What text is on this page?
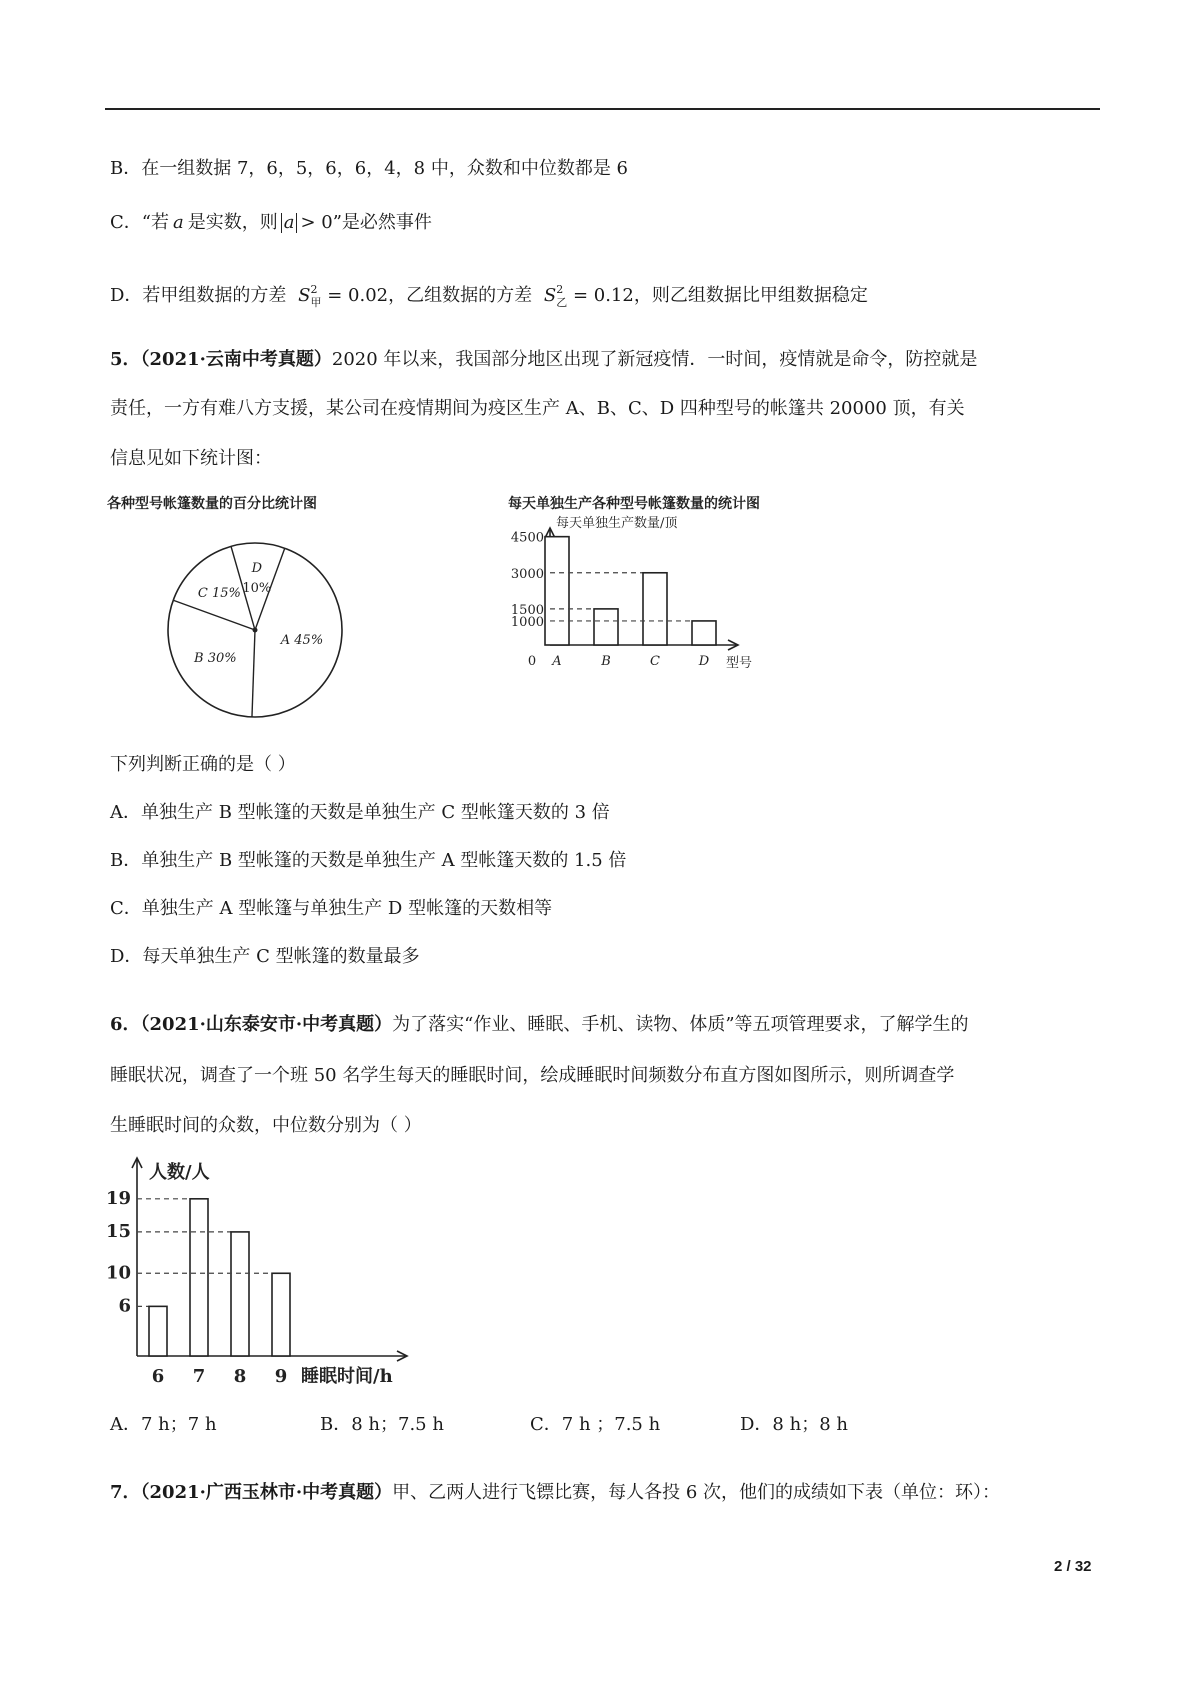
B．在一组数据 7，6，5，6，6，4，8 中，众数和中位数都是 6
C．“若 a 是实数，则 a > 0”是必然事件
D．若甲组数据的方差 $S^2_甲 = 0.02$，乙组数据的方差 $S^2_乙 = 0.12$，则乙组数据比甲组数据稳定
5．（2021·云南中考真题）2020 年以来，我国部分地区出现了新冠疫情．一时间，疫情就是命令，防控就是
责任，一方有难八方支援，某公司在疫情期间为疫区生产 A、B、C、D 四种型号的帐篷共 20000 顶，有关
信息见如下统计图：
各种型号帐篷数量的百分比统计图
A 45%
B 30%
C 15%
D
10%
每天单独生产各种型号帐篷数量的统计图
A	B	C	D
1000
1500
3000
4500
每天单独生产数量/顶
0	型号
下列判断正确的是（ ）
A．单独生产 B 型帐篷的天数是单独生产 C 型帐篷天数的 3 倍
B．单独生产 B 型帐篷的天数是单独生产 A 型帐篷天数的 1.5 倍
C．单独生产 A 型帐篷与单独生产 D 型帐篷的天数相等
D．每天单独生产 C 型帐篷的数量最多
6．（2021·山东泰安市·中考真题）为了落实“作业、睡眠、手机、读物、体质”等五项管理要求，了解学生的
睡眠状况，调查了一个班 50 名学生每天的睡眠时间，绘成睡眠时间频数分布直方图如图所示，则所调查学
生睡眠时间的众数，中位数分别为（ ）
6 7 8 9
6
10
15
19
人数/人
睡眠时间/h
A．7 h；7 h	B．8 h；7.5 h	C．7 h ；7.5 h	D．8 h；8 h
7．（2021·广西玉林市·中考真题）甲、乙两人进行飞镖比赛，每人各投 6 次，他们的成绩如下表（单位：环）：
2 / 32
